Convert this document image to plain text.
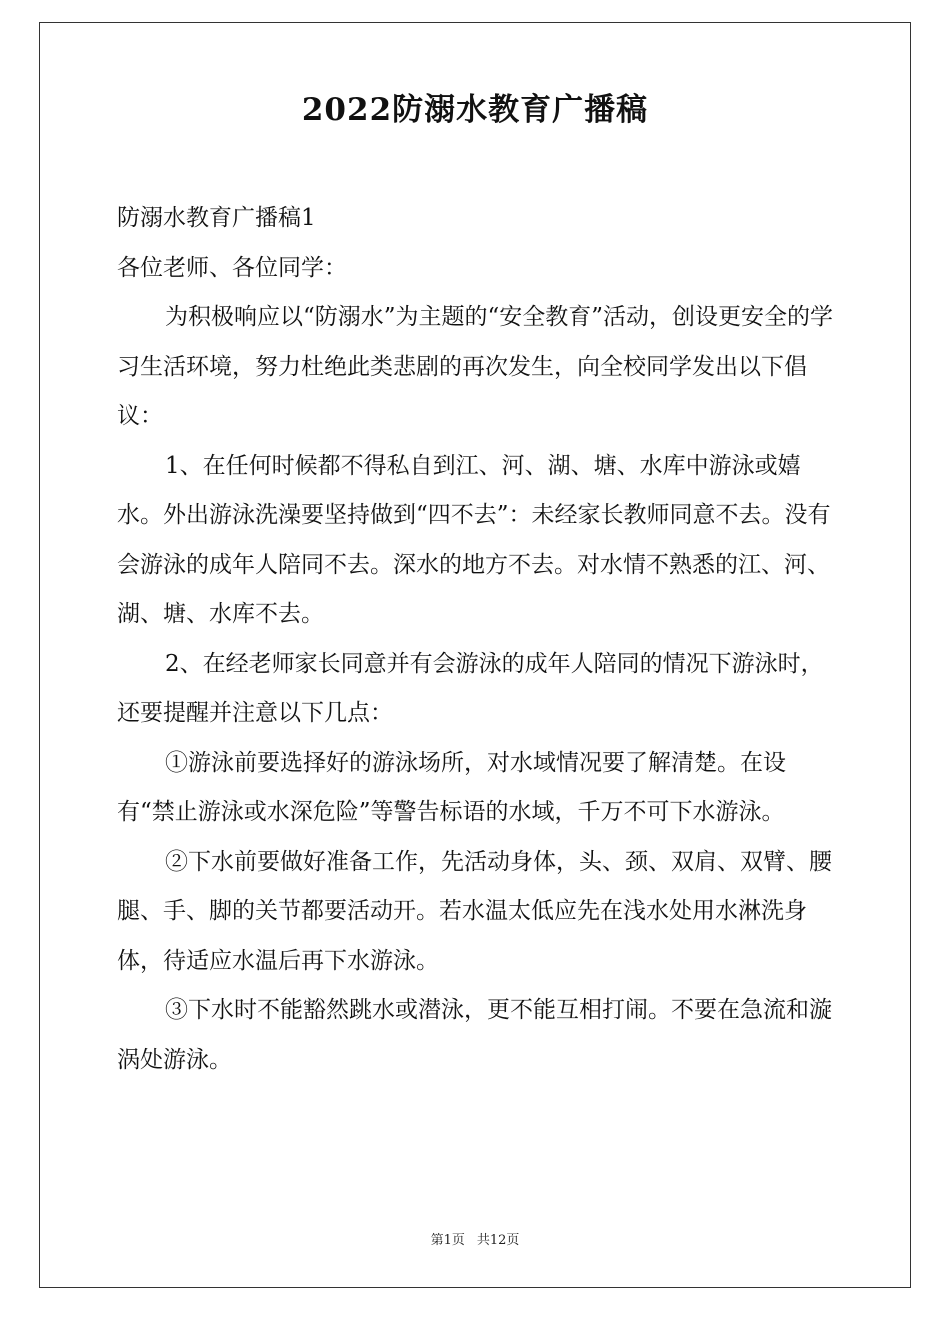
2022防溺水教育广播稿

防溺水教育广播稿1

各位老师、各位同学：

为积极响应以“防溺水”为主题的“安全教育”活动，创设更安全的学习生活环境，努力杜绝此类悲剧的再次发生，向全校同学发出以下倡议：

1、在任何时候都不得私自到江、河、湖、塘、水库中游泳或嬉水。外出游泳洗澡要坚持做到“四不去”：未经家长教师同意不去。没有会游泳的成年人陪同不去。深水的地方不去。对水情不熟悉的江、河、湖、塘、水库不去。

2、在经老师家长同意并有会游泳的成年人陪同的情况下游泳时，还要提醒并注意以下几点：

①游泳前要选择好的游泳场所，对水域情况要了解清楚。在设有“禁止游泳或水深危险”等警告标语的水域，千万不可下水游泳。

②下水前要做好准备工作，先活动身体，头、颈、双肩、双臂、腰腿、手、脚的关节都要活动开。若水温太低应先在浅水处用水淋洗身体，待适应水温后再下水游泳。

③下水时不能豁然跳水或潜泳，更不能互相打闹。不要在急流和漩涡处游泳。

第1页 共12页
